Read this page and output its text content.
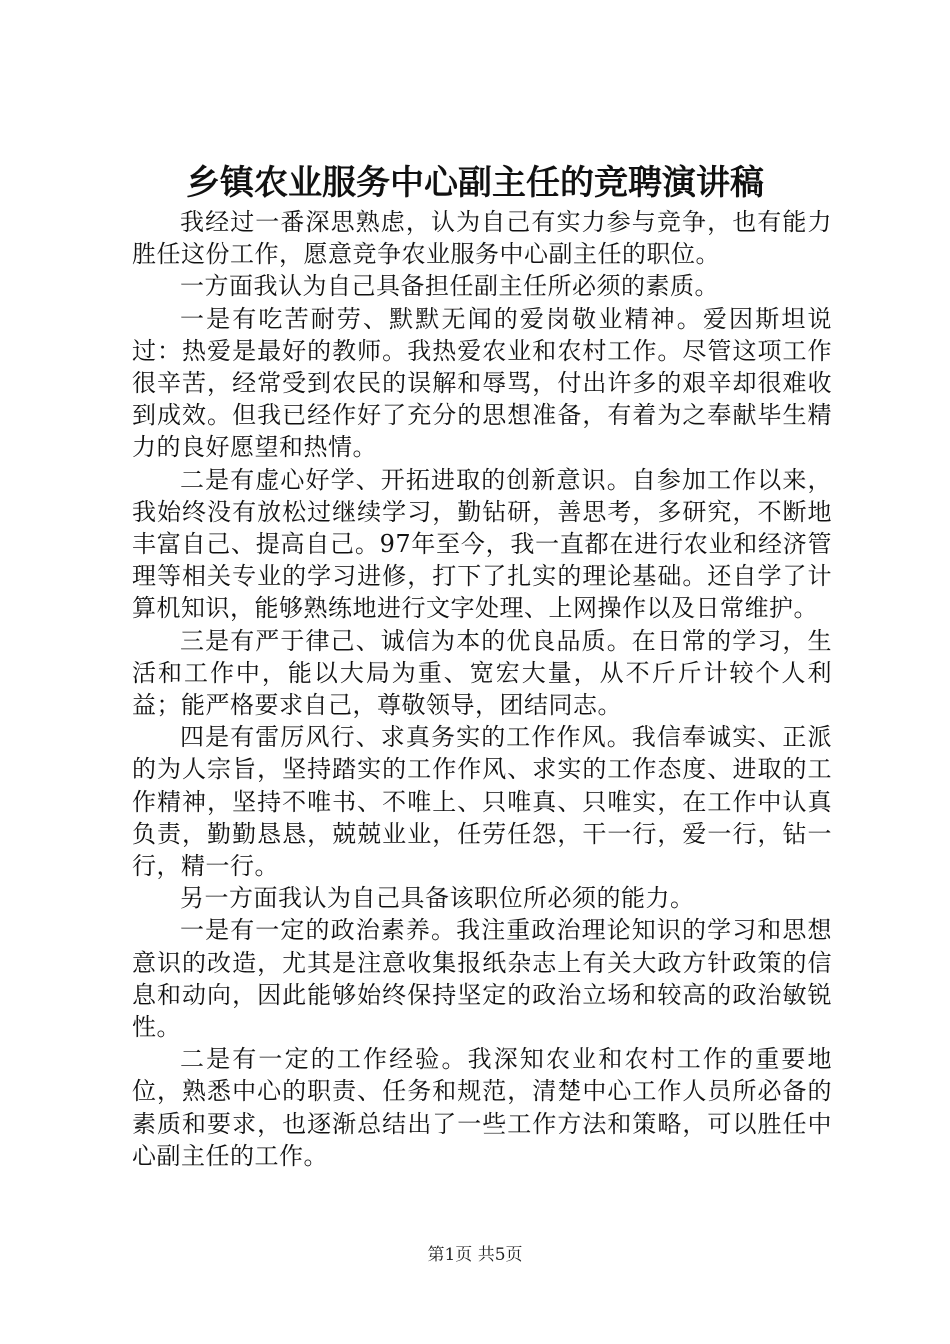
乡镇农业服务中心副主任的竞聘演讲稿

我经过一番深思熟虑，认为自己有实力参与竞争，也有能力胜任这份工作，愿意竞争农业服务中心副主任的职位。

一方面我认为自己具备担任副主任所必须的素质。

一是有吃苦耐劳、默默无闻的爱岗敬业精神。爱因斯坦说过：热爱是最好的教师。我热爱农业和农村工作。尽管这项工作很辛苦，经常受到农民的误解和辱骂，付出许多的艰辛却很难收到成效。但我已经作好了充分的思想准备，有着为之奉献毕生精力的良好愿望和热情。

二是有虚心好学、开拓进取的创新意识。自参加工作以来，我始终没有放松过继续学习，勤钻研，善思考，多研究，不断地丰富自己、提高自己。97年至今，我一直都在进行农业和经济管理等相关专业的学习进修，打下了扎实的理论基础。还自学了计算机知识，能够熟练地进行文字处理、上网操作以及日常维护。

三是有严于律己、诚信为本的优良品质。在日常的学习，生活和工作中，能以大局为重、宽宏大量，从不斤斤计较个人利益；能严格要求自己，尊敬领导，团结同志。

四是有雷厉风行、求真务实的工作作风。我信奉诚实、正派的为人宗旨，坚持踏实的工作作风、求实的工作态度、进取的工作精神，坚持不唯书、不唯上、只唯真、只唯实，在工作中认真负责，勤勤恳恳，兢兢业业，任劳任怨，干一行，爱一行，钻一行，精一行。

另一方面我认为自己具备该职位所必须的能力。

一是有一定的政治素养。我注重政治理论知识的学习和思想意识的改造，尤其是注意收集报纸杂志上有关大政方针政策的信息和动向，因此能够始终保持坚定的政治立场和较高的政治敏锐性。

二是有一定的工作经验。我深知农业和农村工作的重要地位，熟悉中心的职责、任务和规范，清楚中心工作人员所必备的素质和要求，也逐渐总结出了一些工作方法和策略，可以胜任中心副主任的工作。

第1页 共5页
